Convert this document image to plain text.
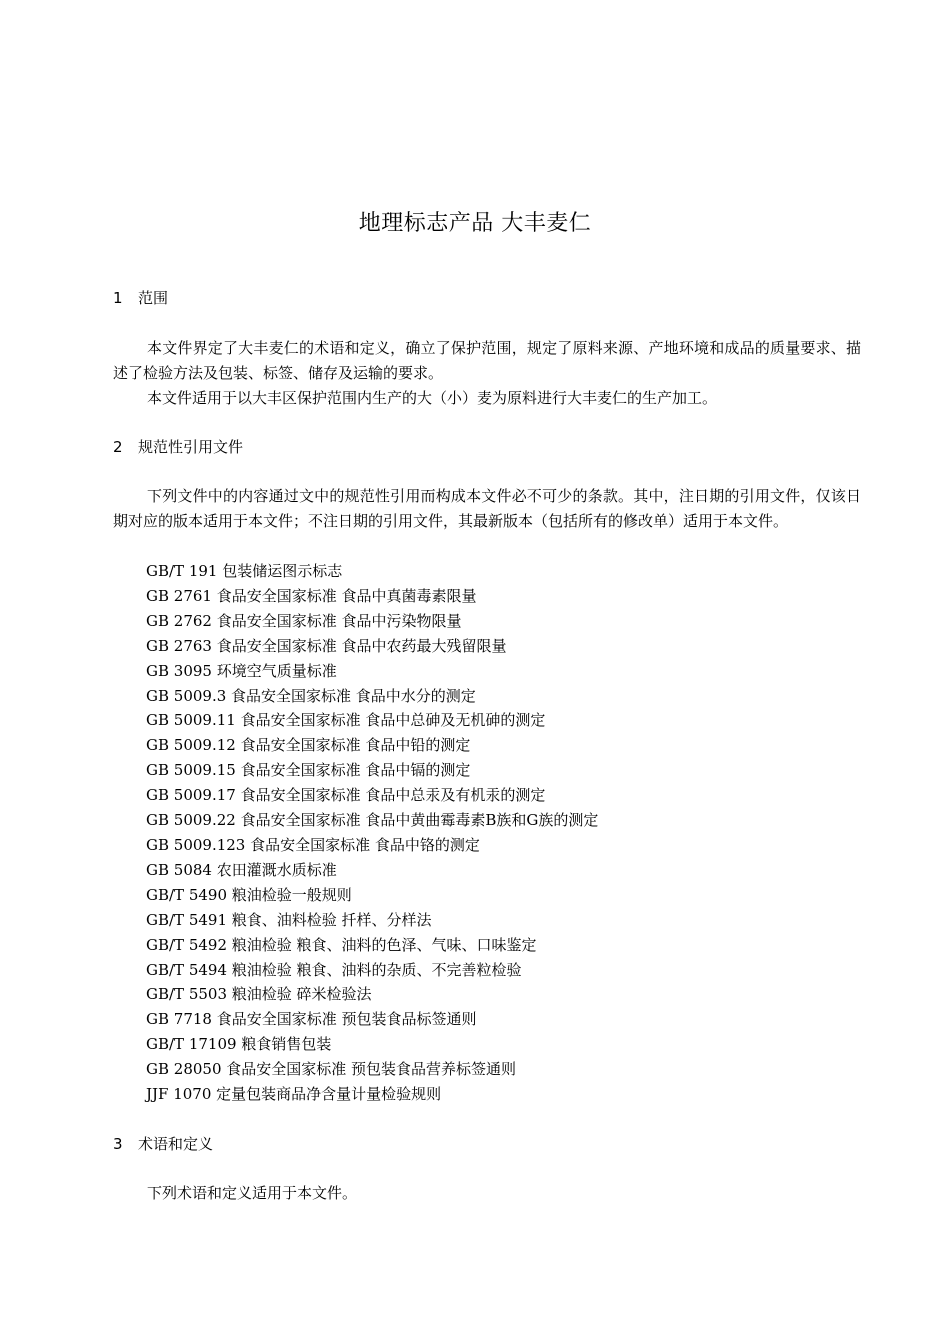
地理标志产品 大丰麦仁
1 范围
本文件界定了大丰麦仁的术语和定义，确立了保护范围，规定了原料来源、产地环境和成品的质量要求、描述了检验方法及包装、标签、储存及运输的要求。
本文件适用于以大丰区保护范围内生产的大（小）麦为原料进行大丰麦仁的生产加工。
2 规范性引用文件
下列文件中的内容通过文中的规范性引用而构成本文件必不可少的条款。其中，注日期的引用文件，仅该日期对应的版本适用于本文件；不注日期的引用文件，其最新版本（包括所有的修改单）适用于本文件。
GB/T 191 包装储运图示标志
GB 2761 食品安全国家标准 食品中真菌毒素限量
GB 2762 食品安全国家标准 食品中污染物限量
GB 2763 食品安全国家标准 食品中农药最大残留限量
GB 3095 环境空气质量标准
GB 5009.3 食品安全国家标准 食品中水分的测定
GB 5009.11 食品安全国家标准 食品中总砷及无机砷的测定
GB 5009.12 食品安全国家标准 食品中铅的测定
GB 5009.15 食品安全国家标准 食品中镉的测定
GB 5009.17 食品安全国家标准 食品中总汞及有机汞的测定
GB 5009.22 食品安全国家标准 食品中黄曲霉毒素B族和G族的测定
GB 5009.123 食品安全国家标准 食品中铬的测定
GB 5084 农田灌溉水质标准
GB/T 5490 粮油检验一般规则
GB/T 5491 粮食、油料检验 扦样、分样法
GB/T 5492 粮油检验 粮食、油料的色泽、气味、口味鉴定
GB/T 5494 粮油检验 粮食、油料的杂质、不完善粒检验
GB/T 5503 粮油检验 碎米检验法
GB 7718 食品安全国家标准 预包装食品标签通则
GB/T 17109 粮食销售包装
GB 28050 食品安全国家标准 预包装食品营养标签通则
JJF 1070 定量包装商品净含量计量检验规则
3 术语和定义
下列术语和定义适用于本文件。
